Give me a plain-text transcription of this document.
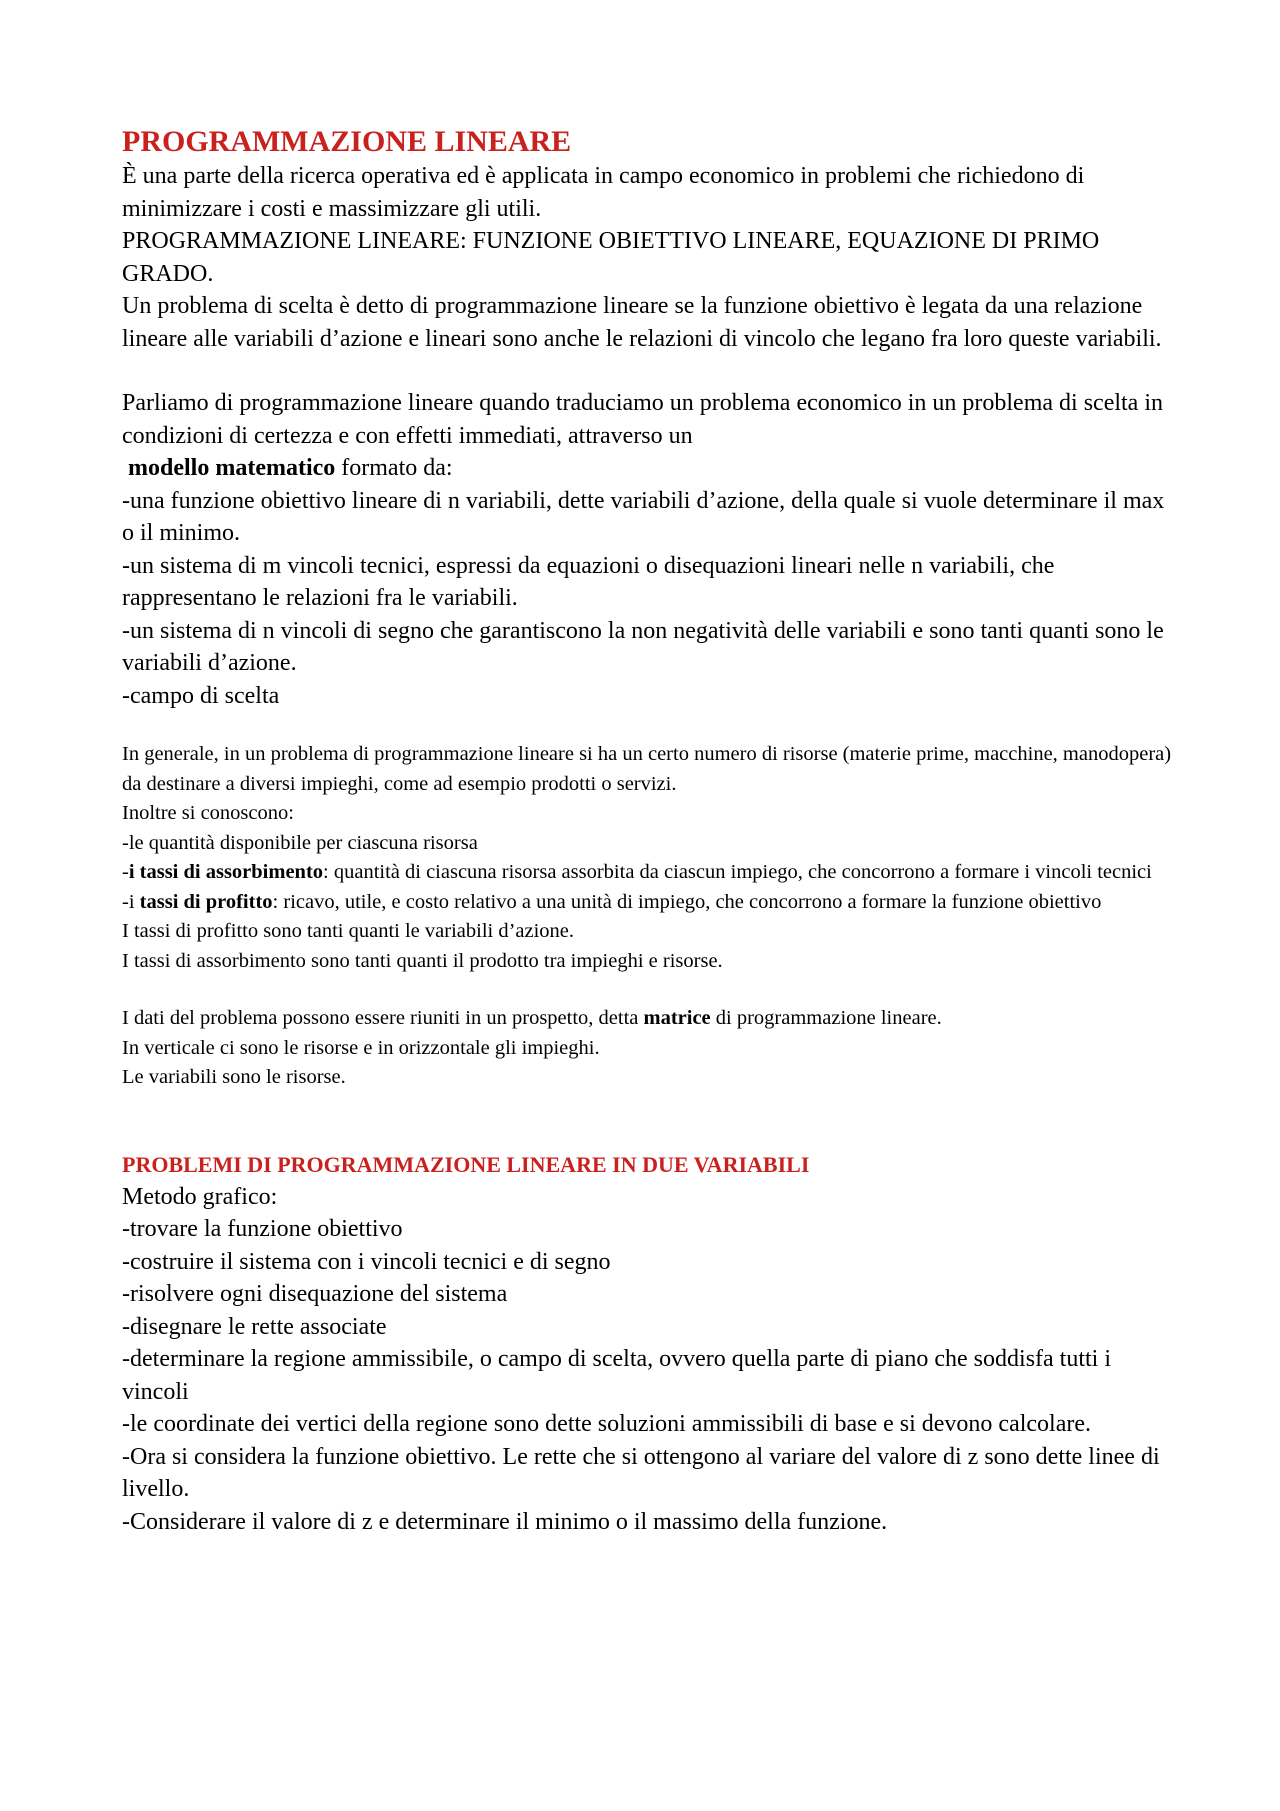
PROGRAMMAZIONE LINEARE

È una parte della ricerca operativa ed è applicata in campo economico in problemi che richiedono di minimizzare i costi e massimizzare gli utili.

PROGRAMMAZIONE LINEARE: FUNZIONE OBIETTIVO LINEARE, EQUAZIONE DI PRIMO GRADO.

Un problema di scelta è detto di programmazione lineare se la funzione obiettivo è legata da una relazione lineare alle variabili d’azione e lineari sono anche le relazioni di vincolo che legano fra loro queste variabili.

Parliamo di programmazione lineare quando traduciamo un problema economico in un problema di scelta in condizioni di certezza e con effetti immediati, attraverso un
modello matematico formato da:

-una funzione obiettivo lineare di n variabili, dette variabili d’azione, della quale si vuole determinare il max o il minimo.

-un sistema di m vincoli tecnici, espressi da equazioni o disequazioni lineari nelle n variabili, che rappresentano le relazioni fra le variabili.

-un sistema di n vincoli di segno che garantiscono la non negatività delle variabili e sono tanti quanti sono le variabili d’azione.

-campo di scelta

In generale, in un problema di programmazione lineare si ha un certo numero di risorse (materie prime, macchine, manodopera) da destinare a diversi impieghi, come ad esempio prodotti o servizi.

Inoltre si conoscono:

-le quantità disponibile per ciascuna risorsa

-i tassi di assorbimento: quantità di ciascuna risorsa assorbita da ciascun impiego, che concorrono a formare i vincoli tecnici

-i tassi di profitto: ricavo, utile, e costo relativo a una unità di impiego, che concorrono a formare la funzione obiettivo

I tassi di profitto sono tanti quanti le variabili d’azione.

I tassi di assorbimento sono tanti quanti il prodotto tra impieghi e risorse.

I dati del problema possono essere riuniti in un prospetto, detta matrice di programmazione lineare.

In verticale ci sono le risorse e in orizzontale gli impieghi.

Le variabili sono le risorse.

PROBLEMI DI PROGRAMMAZIONE LINEARE IN DUE VARIABILI

Metodo grafico:

-trovare la funzione obiettivo

-costruire il sistema con i vincoli tecnici e di segno

-risolvere ogni disequazione del sistema

-disegnare le rette associate

-determinare la regione ammissibile, o campo di scelta, ovvero quella parte di piano che soddisfa tutti i vincoli

-le coordinate dei vertici della regione sono dette soluzioni ammissibili di base e si devono calcolare.

-Ora si considera la funzione obiettivo. Le rette che si ottengono al variare del valore di z sono dette linee di livello.

-Considerare il valore di z e determinare il minimo o il massimo della funzione.
